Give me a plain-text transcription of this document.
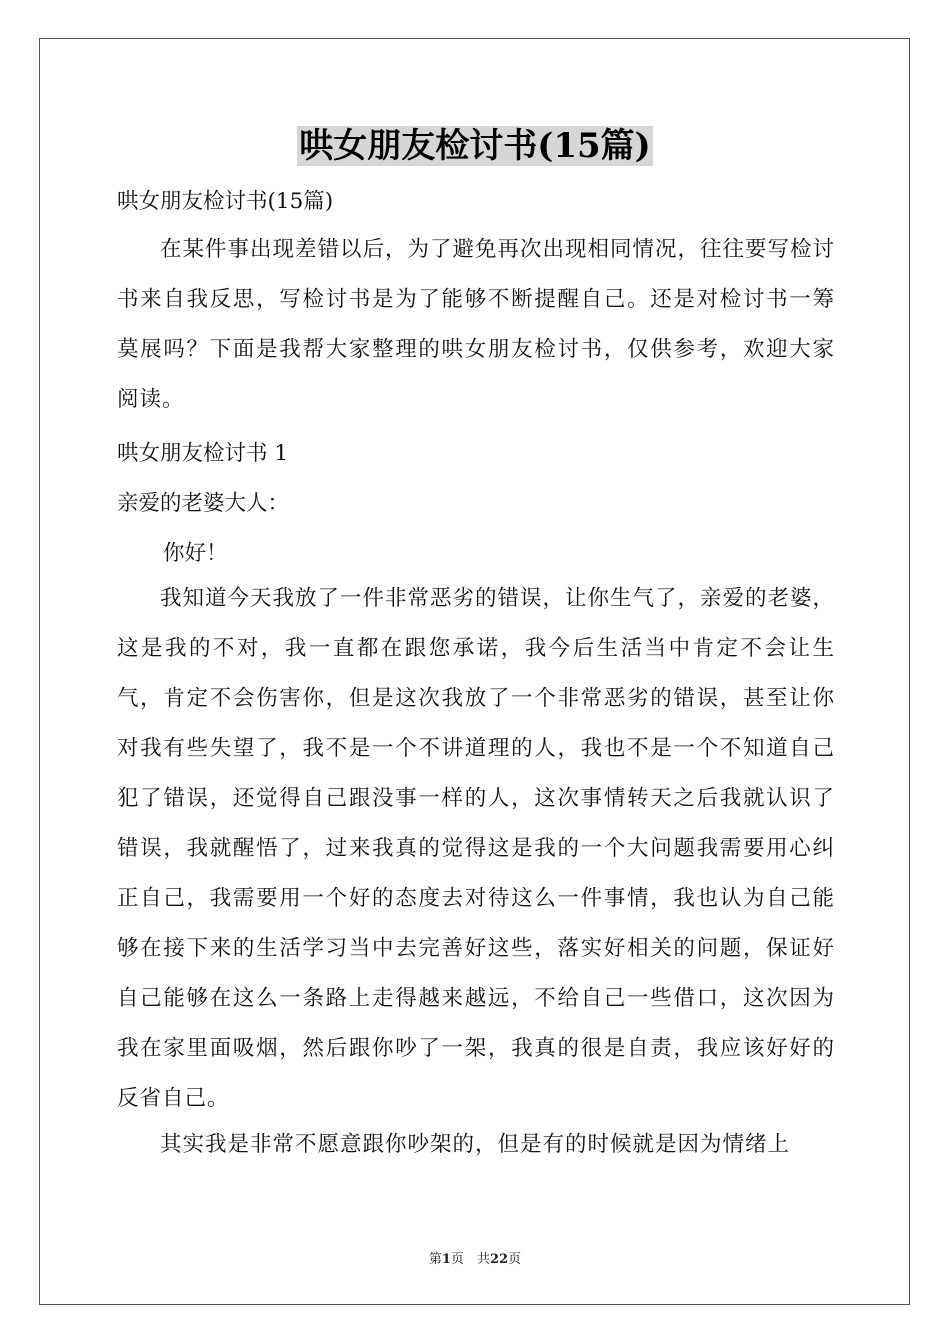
哄女朋友检讨书(15篇)
哄女朋友检讨书(15篇)
在某件事出现差错以后，为了避免再次出现相同情况，往往要写检讨书来自我反思，写检讨书是为了能够不断提醒自己。还是对检讨书一筹莫展吗？下面是我帮大家整理的哄女朋友检讨书，仅供参考，欢迎大家阅读。
哄女朋友检讨书 1
亲爱的老婆大人：
你好！
我知道今天我放了一件非常恶劣的错误，让你生气了，亲爱的老婆，这是我的不对，我一直都在跟您承诺，我今后生活当中肯定不会让生气，肯定不会伤害你，但是这次我放了一个非常恶劣的错误，甚至让你对我有些失望了，我不是一个不讲道理的人，我也不是一个不知道自己犯了错误，还觉得自己跟没事一样的人，这次事情转天之后我就认识了错误，我就醒悟了，过来我真的觉得这是我的一个大问题我需要用心纠正自己，我需要用一个好的态度去对待这么一件事情，我也认为自己能够在接下来的生活学习当中去完善好这些，落实好相关的问题，保证好自己能够在这么一条路上走得越来越远，不给自己一些借口，这次因为我在家里面吸烟，然后跟你吵了一架，我真的很是自责，我应该好好的反省自己。
其实我是非常不愿意跟你吵架的，但是有的时候就是因为情绪上
第1页　共22页
